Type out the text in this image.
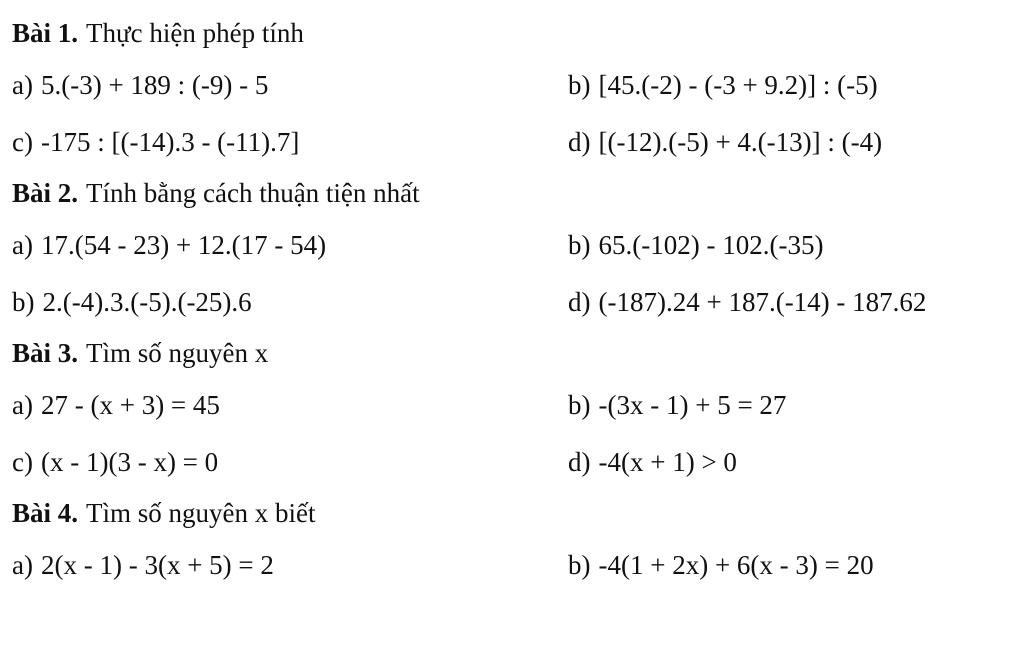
Bài 1. Thực hiện phép tính
a) 5.(-3) + 189 : (-9) - 5	b) [45.(-2) - (-3 + 9.2)] : (-5)
c) -175 : [(-14).3 - (-11).7]	d) [(-12).(-5) + 4.(-13)] : (-4)
Bài 2. Tính bằng cách thuận tiện nhất
a) 17.(54 - 23) + 12.(17 - 54)	b) 65.(-102) - 102.(-35)
b) 2.(-4).3.(-5).(-25).6	d) (-187).24 + 187.(-14) - 187.62
Bài 3. Tìm số nguyên x
a) 27 - (x + 3) = 45	b) -(3x - 1) + 5 = 27
c) (x - 1)(3 - x) = 0	d) -4(x + 1) > 0
Bài 4. Tìm số nguyên x biết
a) 2(x - 1) - 3(x + 5) = 2	b) -4(1 + 2x) + 6(x - 3) = 20
